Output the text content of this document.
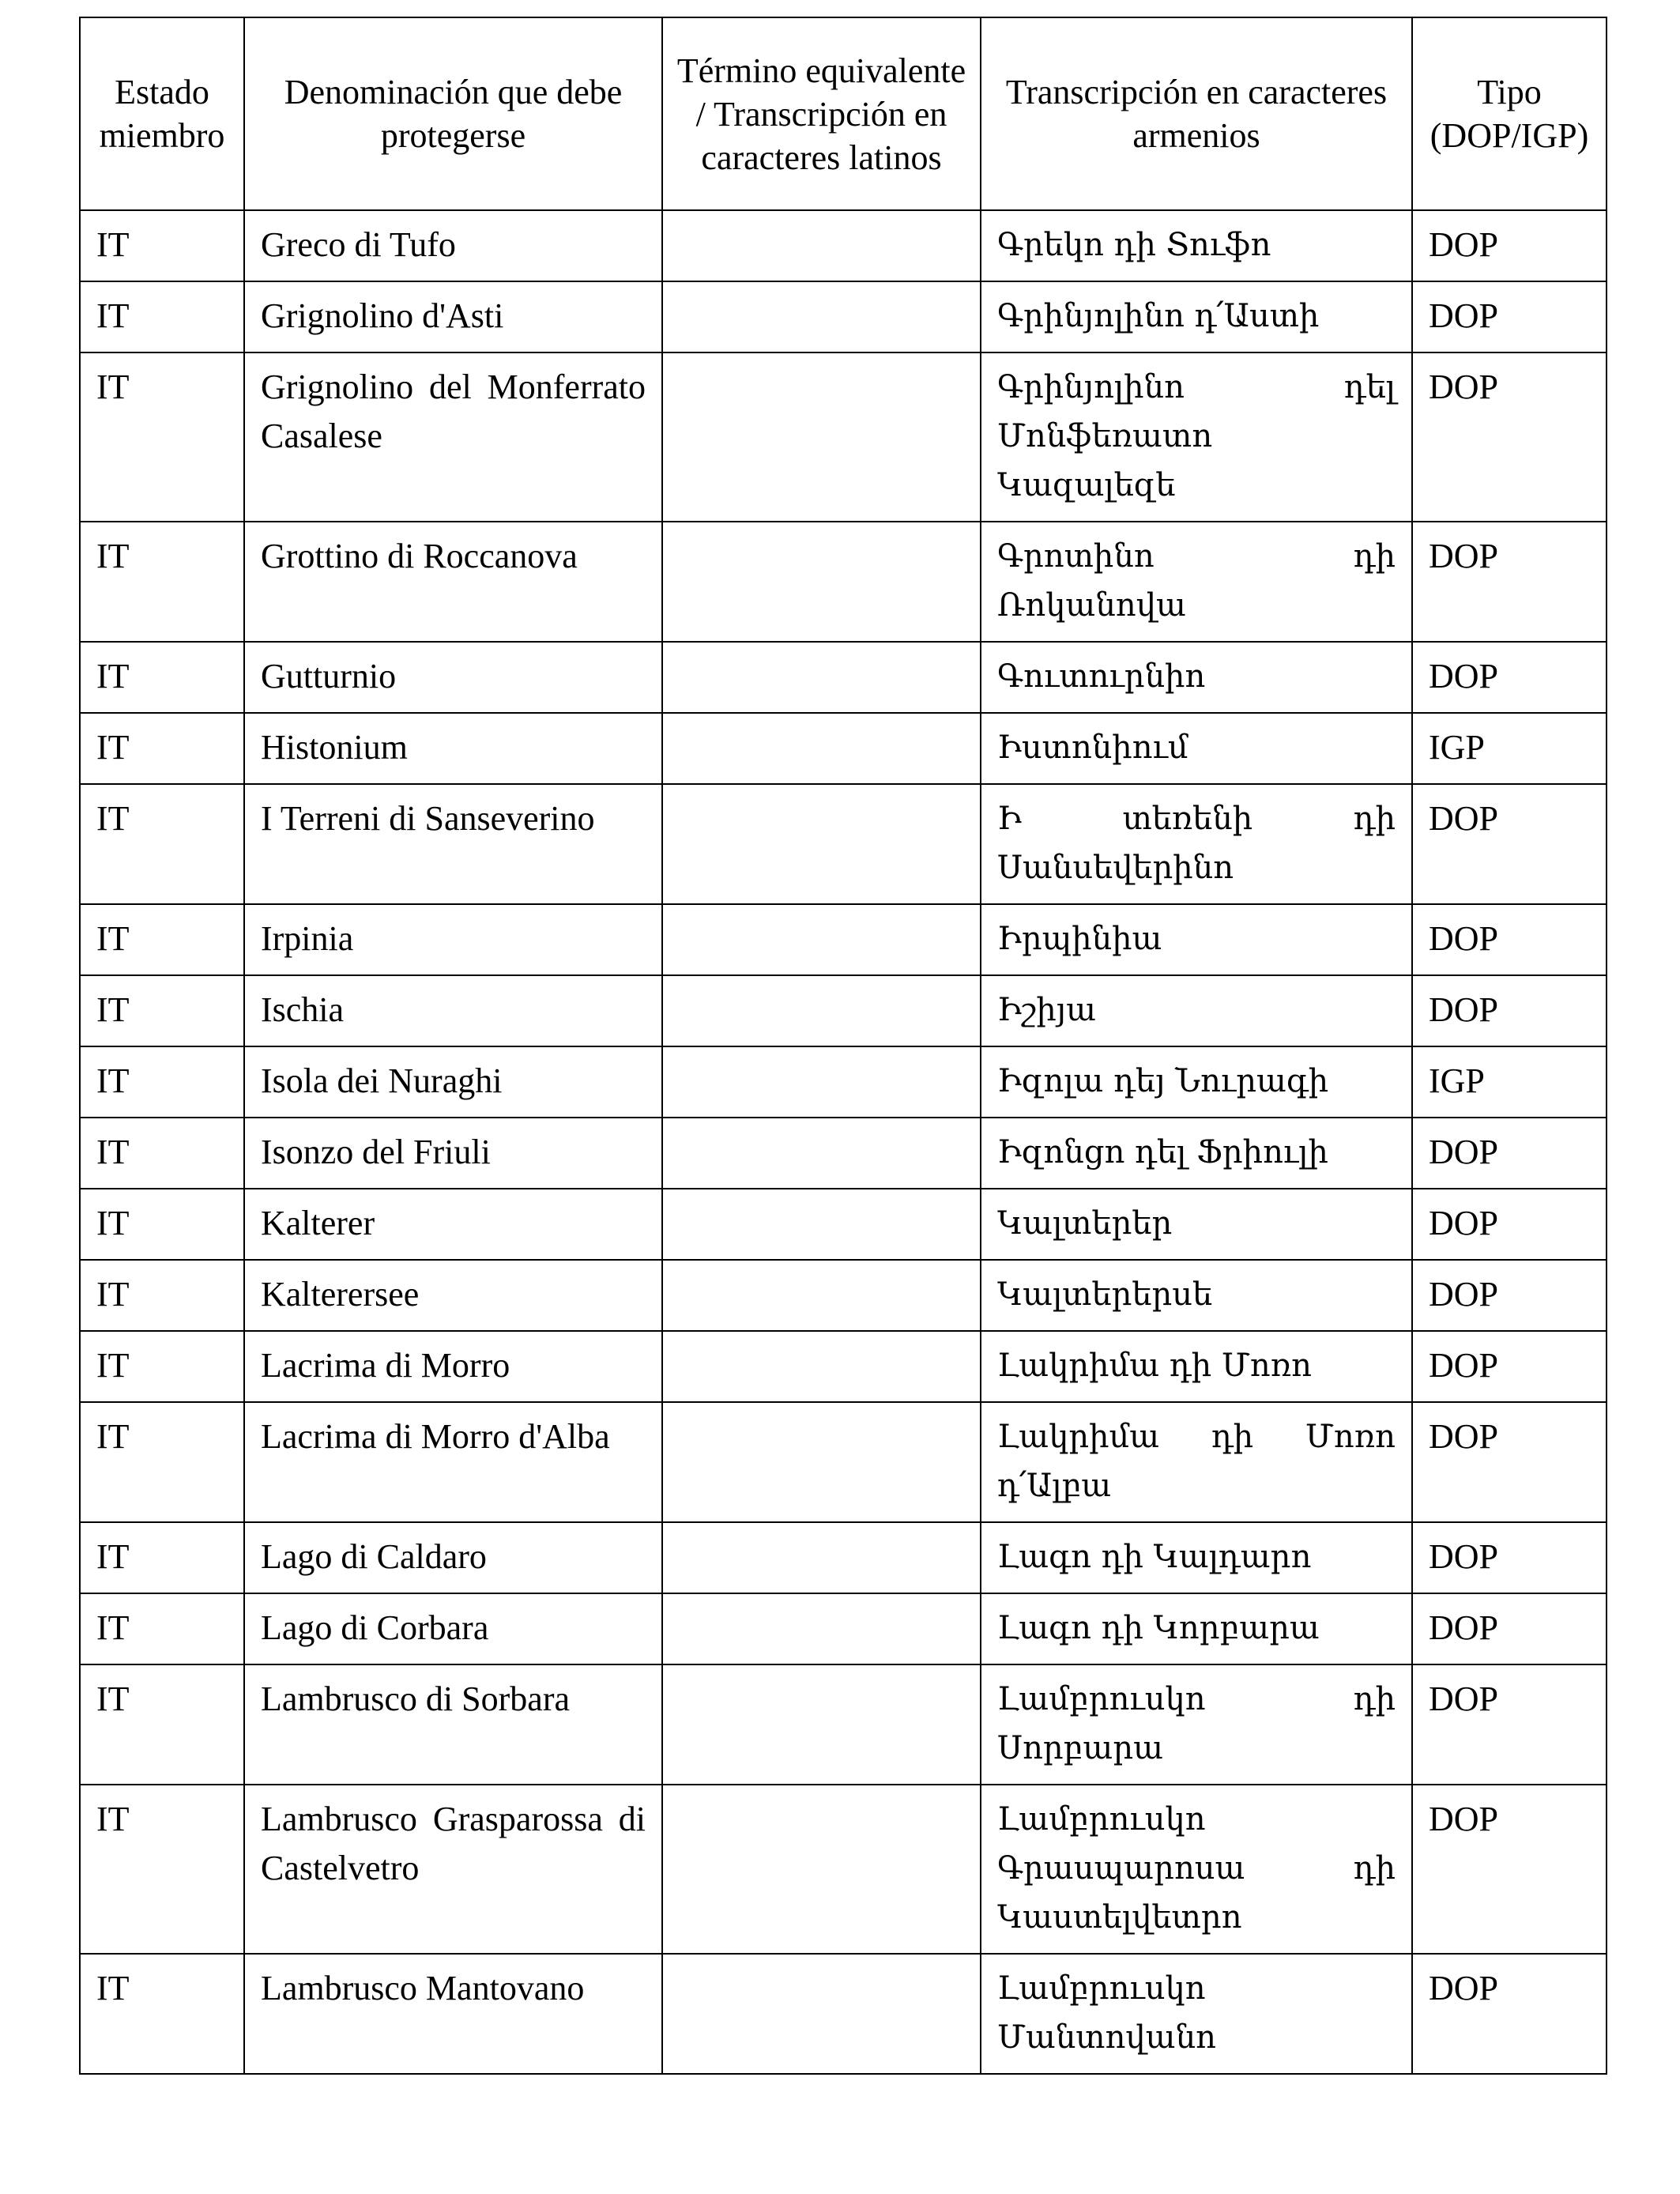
Estado miembro	Denominación que debe protegerse	Término equivalente / Transcripción en caracteres latinos	Transcripción en caracteres armenios	Tipo (DOP/IGP)
IT	Greco di Tufo		Գրեկո դի Տուֆո	DOP
IT	Grignolino d'Asti		Գրինյոլինո դ՛Աստի	DOP
IT	Grignolino del Monferrato Casalese		Գրինյոլինո դել Մոնֆեռատո Կազալեզե	DOP
IT	Grottino di Roccanova		Գրոտինո դի Ռոկանովա	DOP
IT	Gutturnio		Գուտուրնիո	DOP
IT	Histonium		Իստոնիում	IGP
IT	I Terreni di Sanseverino		Ի տեռենի դի Սանսեվերինո	DOP
IT	Irpinia		Իրպինիա	DOP
IT	Ischia		Իշիյա	DOP
IT	Isola dei Nuraghi		Իզոլա դեյ Նուրագի	IGP
IT	Isonzo del Friuli		Իզոնցո դել Ֆրիուլի	DOP
IT	Kalterer		Կալտերեր	DOP
IT	Kalterersee		Կալտերերսե	DOP
IT	Lacrima di Morro		Լակրիմա դի Մոռո	DOP
IT	Lacrima di Morro d'Alba		Լակրիմա դի Մոռո դ՛Ալբա	DOP
IT	Lago di Caldaro		Լագո դի Կալդարո	DOP
IT	Lago di Corbara		Լագո դի Կորբարա	DOP
IT	Lambrusco di Sorbara		Լամբրուսկո դի Սորբարա	DOP
IT	Lambrusco Grasparossa di Castelvetro		Լամբրուսկո Գրասպարոսա դի Կաստելվետրո	DOP
IT	Lambrusco Mantovano		Լամբրուսկո Մանտովանո	DOP
